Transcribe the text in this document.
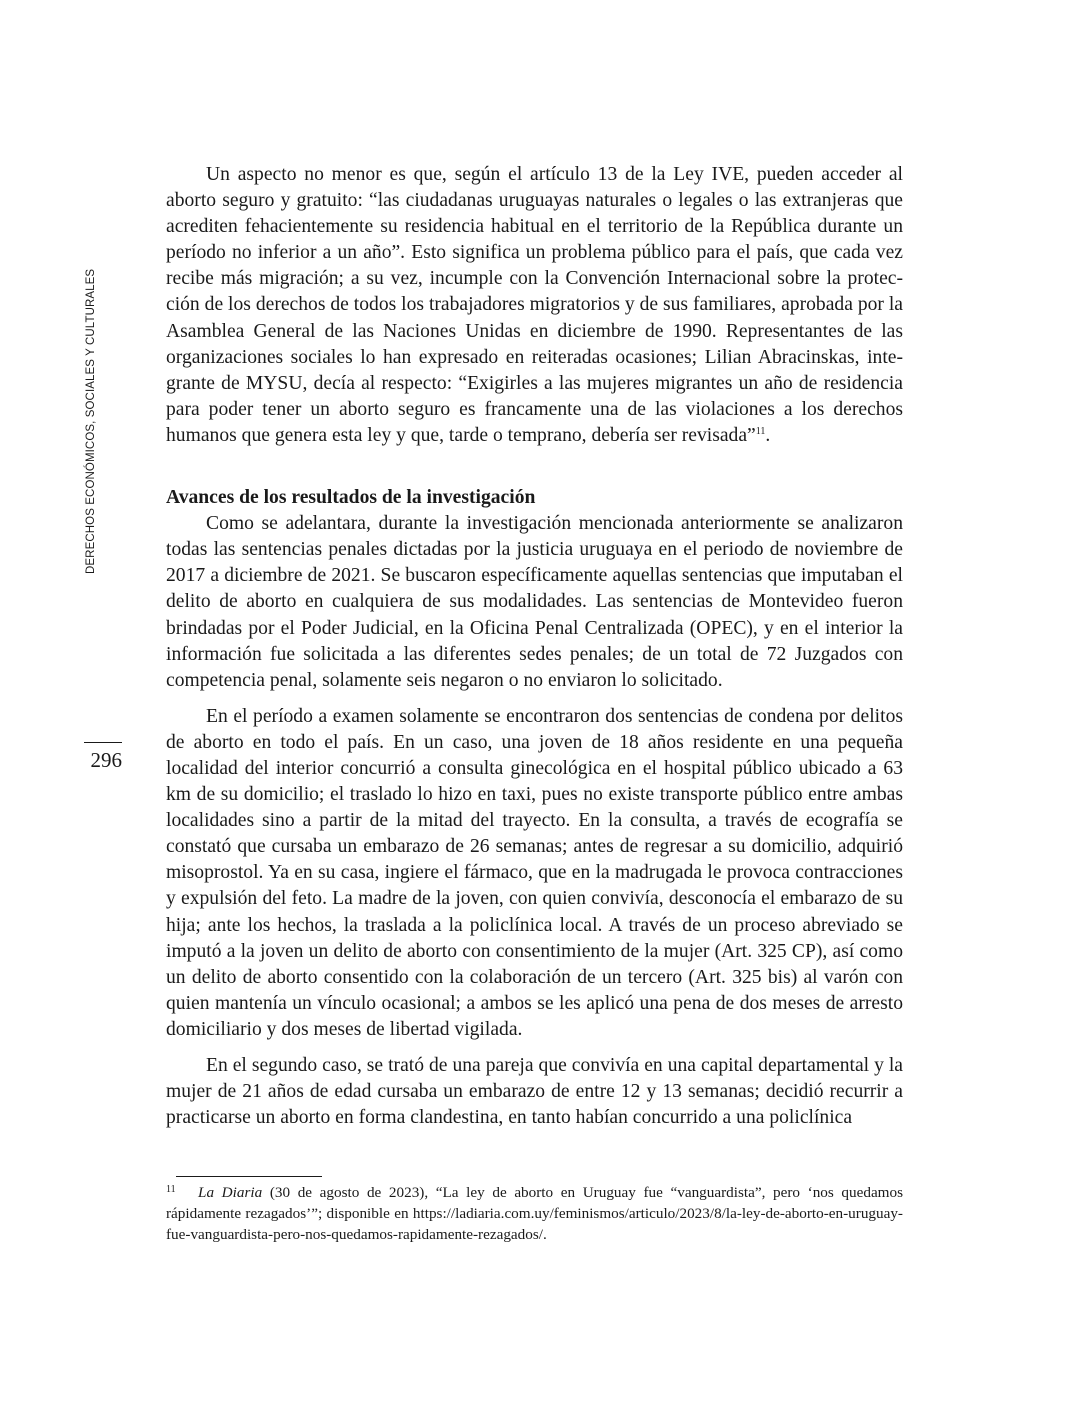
DERECHOS ECONÓMICOS, SOCIALES Y CULTURALES
296

Un aspecto no menor es que, según el artículo 13 de la Ley IVE, pueden acceder al aborto seguro y gratuito: “las ciudadanas uruguayas naturales o legales o las extranjeras que acrediten fehacientemente su residencia habitual en el territorio de la República durante un período no inferior a un año”. Esto significa un problema público para el país, que cada vez recibe más migración; a su vez, incumple con la Convención Internacional sobre la protección de los derechos de todos los trabajadores migratorios y de sus familiares, aprobada por la Asamblea General de las Naciones Unidas en diciembre de 1990. Representantes de las organizaciones sociales lo han expresado en reiteradas ocasiones; Lilian Abracinskas, integrante de MYSU, decía al respecto: “Exigirles a las mujeres migrantes un año de residencia para poder tener un aborto seguro es francamente una de las violaciones a los derechos humanos que genera esta ley y que, tarde o temprano, debería ser revisada”$^{11}$.

Avances de los resultados de la investigación

Como se adelantara, durante la investigación mencionada anteriormente se analizaron todas las sentencias penales dictadas por la justicia uruguaya en el periodo de noviembre de 2017 a diciembre de 2021. Se buscaron específicamente aquellas sentencias que imputaban el delito de aborto en cualquiera de sus modalidades. Las sentencias de Montevideo fueron brindadas por el Poder Judicial, en la Oficina Penal Centralizada (OPEC), y en el interior la información fue solicitada a las diferentes sedes penales; de un total de 72 Juzgados con competencia penal, solamente seis negaron o no enviaron lo solicitado.

En el período a examen solamente se encontraron dos sentencias de condena por delitos de aborto en todo el país. En un caso, una joven de 18 años residente en una pequeña localidad del interior concurrió a consulta ginecológica en el hospital público ubicado a 63 km de su domicilio; el traslado lo hizo en taxi, pues no existe transporte público entre ambas localidades sino a partir de la mitad del trayecto. En la consulta, a través de ecografía se constató que cursaba un embarazo de 26 semanas; antes de regresar a su domicilio, adquirió misoprostol. Ya en su casa, ingiere el fármaco, que en la madrugada le provoca contracciones y expulsión del feto. La madre de la joven, con quien convivía, desconocía el embarazo de su hija; ante los hechos, la traslada a la policlínica local. A través de un proceso abreviado se imputó a la joven un delito de aborto con consentimiento de la mujer (Art. 325 CP), así como un delito de aborto consentido con la colaboración de un tercero (Art. 325 bis) al varón con quien mantenía un vínculo ocasional; a ambos se les aplicó una pena de dos meses de arresto domiciliario y dos meses de libertad vigilada.

En el segundo caso, se trató de una pareja que convivía en una capital departamental y la mujer de 21 años de edad cursaba un embarazo de entre 12 y 13 semanas; decidió recurrir a practicarse un aborto en forma clandestina, en tanto habían concurrido a una policlínica

11 La Diaria (30 de agosto de 2023), “La ley de aborto en Uruguay fue “vanguardista”, pero ‘nos quedamos rápidamente rezagados’”; disponible en https://ladiaria.com.uy/feminismos/articulo/2023/8/la-ley-de-aborto-en-uruguay-fue-vanguardista-pero-nos-quedamos-rapidamente-rezagados/.
